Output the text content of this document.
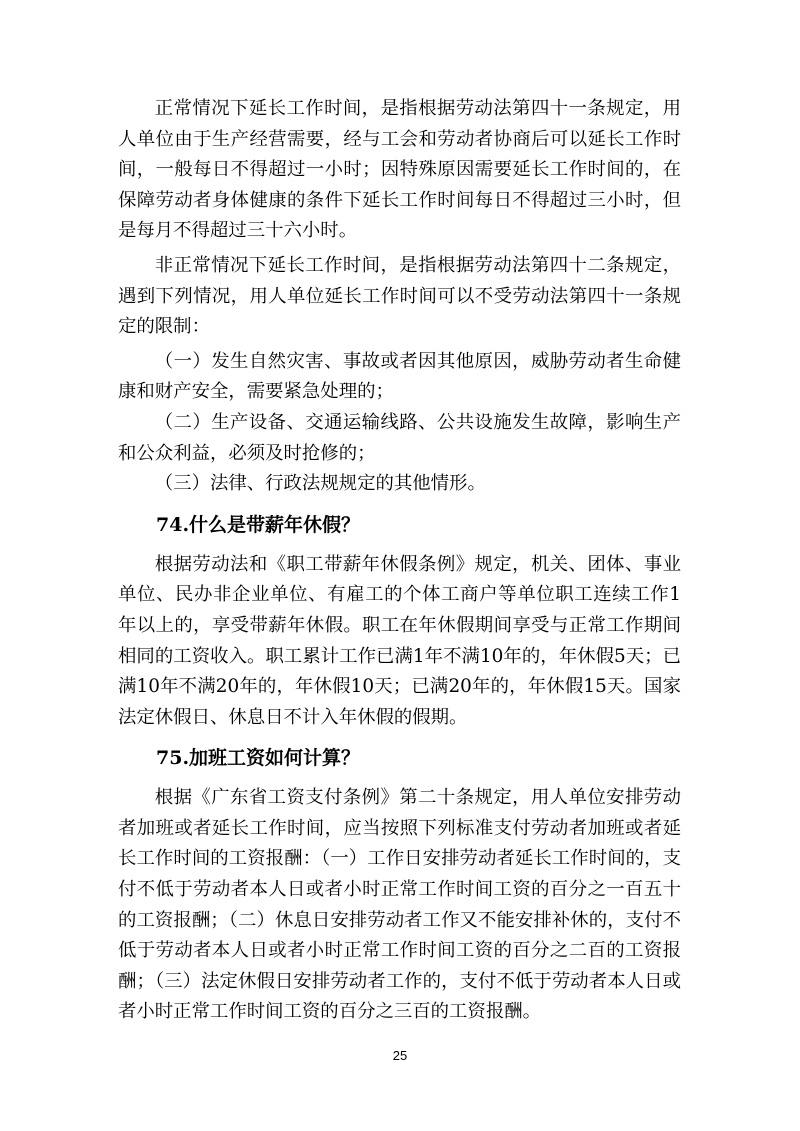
正常情况下延长工作时间，是指根据劳动法第四十一条规定，用人单位由于生产经营需要，经与工会和劳动者协商后可以延长工作时间，一般每日不得超过一小时；因特殊原因需要延长工作时间的，在保障劳动者身体健康的条件下延长工作时间每日不得超过三小时，但是每月不得超过三十六小时。

非正常情况下延长工作时间，是指根据劳动法第四十二条规定，遇到下列情况，用人单位延长工作时间可以不受劳动法第四十一条规定的限制：

（一）发生自然灾害、事故或者因其他原因，威胁劳动者生命健康和财产安全，需要紧急处理的；

（二）生产设备、交通运输线路、公共设施发生故障，影响生产和公众利益，必须及时抢修的；

（三）法律、行政法规规定的其他情形。

74.什么是带薪年休假？

根据劳动法和《职工带薪年休假条例》规定，机关、团体、事业单位、民办非企业单位、有雇工的个体工商户等单位职工连续工作1年以上的，享受带薪年休假。职工在年休假期间享受与正常工作期间相同的工资收入。职工累计工作已满1年不满10年的，年休假5天；已满10年不满20年的，年休假10天；已满20年的，年休假15天。国家法定休假日、休息日不计入年休假的假期。

75.加班工资如何计算？

根据《广东省工资支付条例》第二十条规定，用人单位安排劳动者加班或者延长工作时间，应当按照下列标准支付劳动者加班或者延长工作时间的工资报酬：（一）工作日安排劳动者延长工作时间的，支付不低于劳动者本人日或者小时正常工作时间工资的百分之一百五十的工资报酬；（二）休息日安排劳动者工作又不能安排补休的，支付不低于劳动者本人日或者小时正常工作时间工资的百分之二百的工资报酬；（三）法定休假日安排劳动者工作的，支付不低于劳动者本人日或者小时正常工作时间工资的百分之三百的工资报酬。

25
